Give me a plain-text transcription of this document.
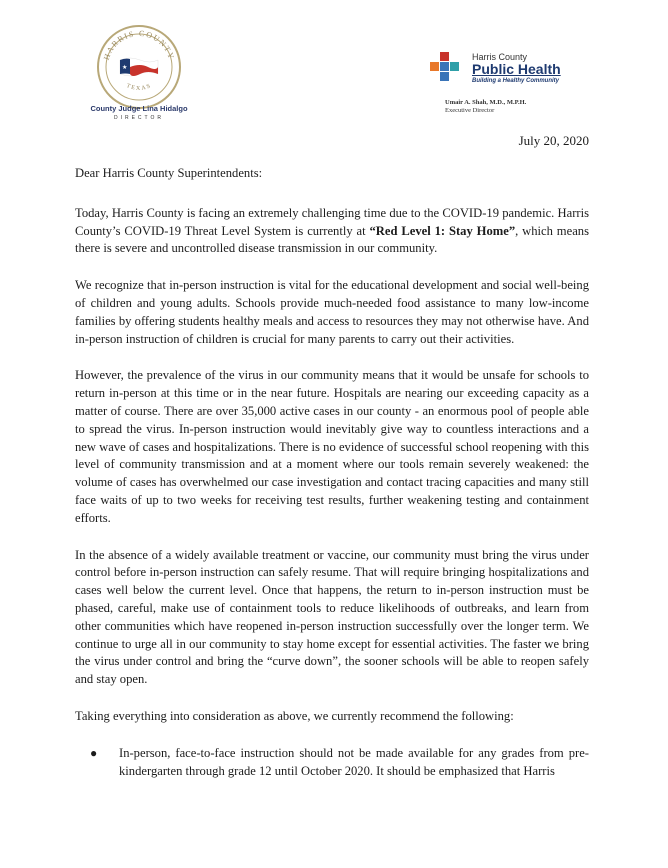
HARRIS COUNTY
TEXAS
★
County Judge Lina Hidalgo
DIRECTOR
Harris County
Public Health
Building a Healthy Community
Umair A. Shah, M.D., M.P.H.
Executive Director
July 20, 2020

Dear Harris County Superintendents:

Today, Harris County is facing an extremely challenging time due to the COVID-19 pandemic. Harris County’s COVID-19 Threat Level System is currently at “Red Level 1: Stay Home”, which means there is severe and uncontrolled disease transmission in our community.

We recognize that in-person instruction is vital for the educational development and social well-being of children and young adults. Schools provide much-needed food assistance to many low-income families by offering students healthy meals and access to resources they may not otherwise have. And in-person instruction of children is crucial for many parents to carry out their activities.

However, the prevalence of the virus in our community means that it would be unsafe for schools to return in-person at this time or in the near future. Hospitals are nearing our exceeding capacity as a matter of course. There are over 35,000 active cases in our county - an enormous pool of people able to spread the virus. In-person instruction would inevitably give way to countless interactions and a new wave of cases and hospitalizations. There is no evidence of successful school reopening with this level of community transmission and at a moment where our tools remain severely weakened: the volume of cases has overwhelmed our case investigation and contact tracing capacities and many still face waits of up to two weeks for receiving test results, further weakening testing and containment efforts.

In the absence of a widely available treatment or vaccine, our community must bring the virus under control before in-person instruction can safely resume. That will require bringing hospitalizations and cases well below the current level. Once that happens, the return to in-person instruction must be phased, careful, make use of containment tools to reduce likelihoods of outbreaks, and learn from other communities which have reopened in-person instruction successfully over the longer term. We continue to urge all in our community to stay home except for essential activities. The faster we bring the virus under control and bring the “curve down”, the sooner schools will be able to reopen safely and stay open.

Taking everything into consideration as above, we currently recommend the following:

● In-person, face-to-face instruction should not be made available for any grades from pre-kindergarten through grade 12 until October 2020. It should be emphasized that Harris
